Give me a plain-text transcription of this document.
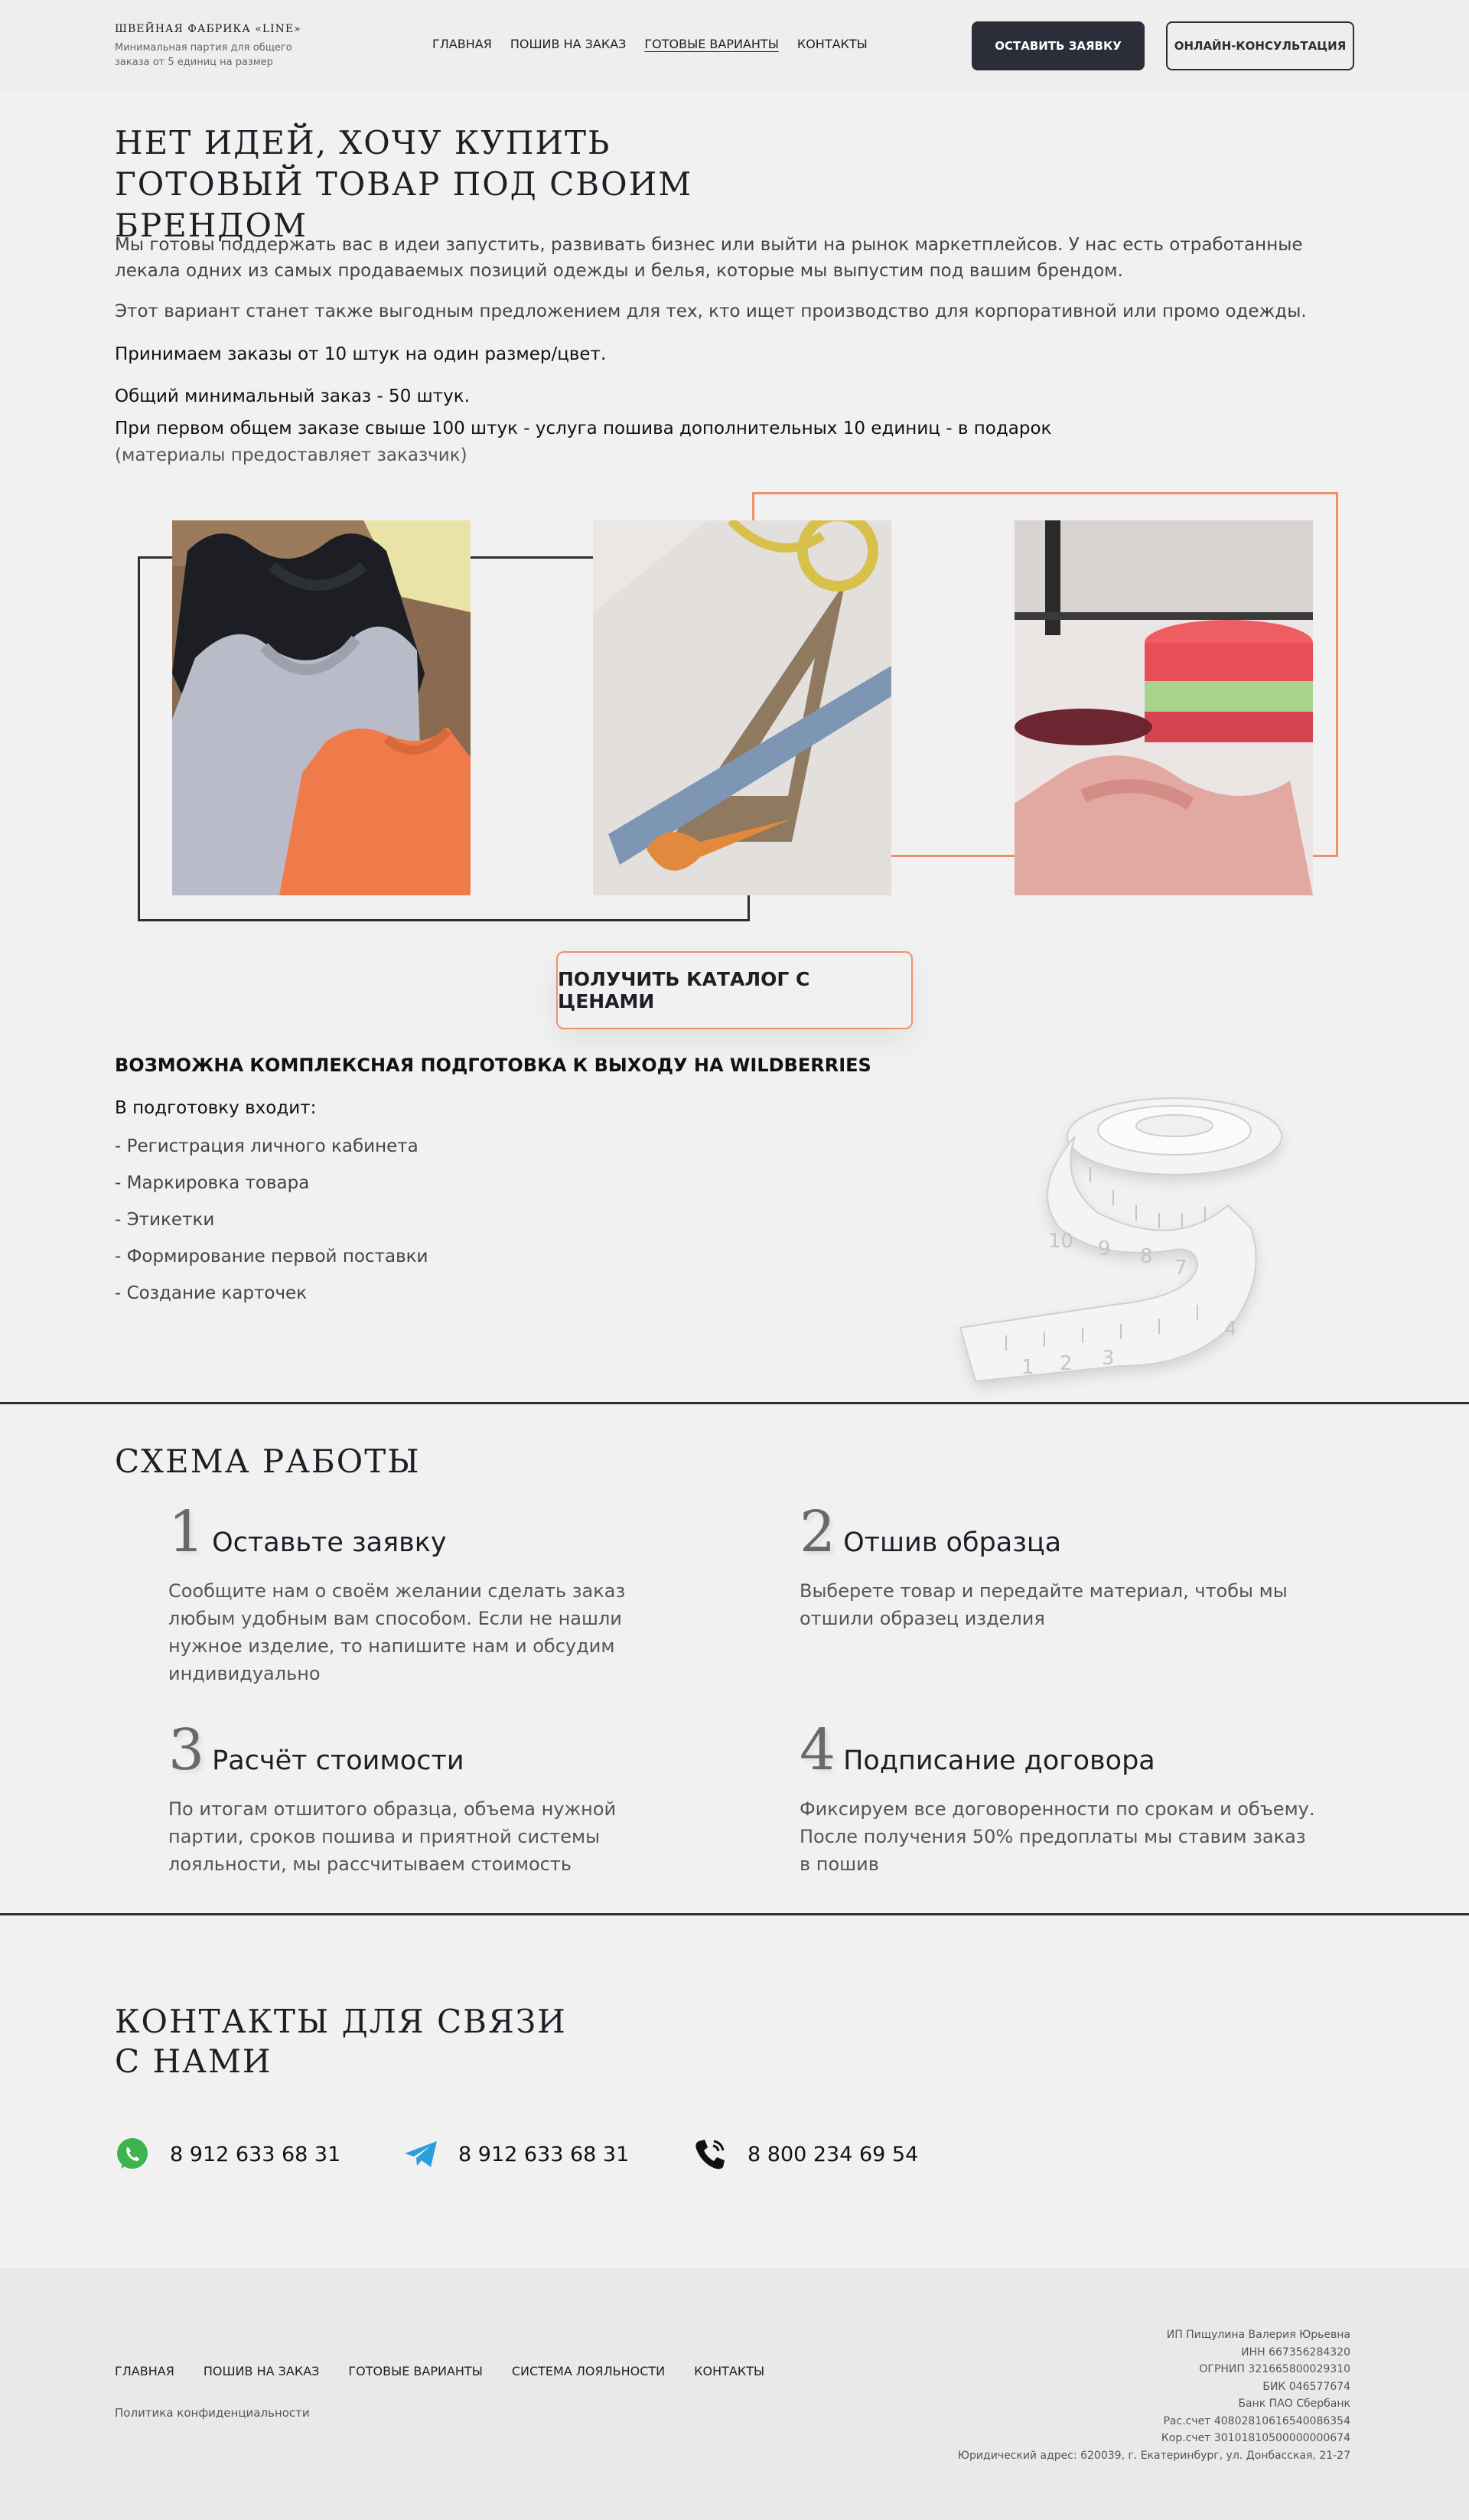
ШВЕЙНАЯ ФАБРИКА «LINE»
Минимальная партия для общего заказа от 5 единиц на размер
ГЛАВНАЯ ПОШИВ НА ЗАКАЗ ГОТОВЫЕ ВАРИАНТЫ КОНТАКТЫ	ОСТАВИТЬ ЗАЯВКУ	ОНЛАЙН-КОНСУЛЬТАЦИЯ
НЕТ ИДЕЙ, ХОЧУ КУПИТЬ ГОТОВЫЙ ТОВАР ПОД СВОИМ БРЕНДОМ

Мы готовы поддержать вас в идеи запустить, развивать бизнес или выйти на рынок маркетплейсов. У нас есть отработанные лекала одних из самых продаваемых позиций одежды и белья, которые мы выпустим под вашим брендом.

Этот вариант станет также выгодным предложением для тех, кто ищет производство для корпоративной или промо одежды.

Принимаем заказы от 10 штук на один размер/цвет.

Общий минимальный заказ - 50 штук.

При первом общем заказе свыше 100 штук - услуга пошива дополнительных 10 единиц - в подарок

(материалы предоставляет заказчик)

ПОЛУЧИТЬ КАТАЛОГ С ЦЕНАМИ
ВОЗМОЖНА КОМПЛЕКСНАЯ ПОДГОТОВКА К ВЫХОДУ НА WILDBERRIES
В подготовку входит:
- Регистрация личного кабинета
- Маркировка товара
- Этикетки
- Формирование первой поставки
- Создание карточек
1 2 3
4
7
8
9
10
СХЕМА РАБОТЫ
1 Оставьте заявку
Сообщите нам о своём желании сделать заказ любым удобным вам способом. Если не нашли нужное изделие, то напишите нам и обсудим индивидуально
2 Отшив образца
Выберете товар и передайте материал, чтобы мы отшили образец изделия
3 Расчёт стоимости
По итогам отшитого образца, объема нужной партии, сроков пошива и приятной системы лояльности, мы рассчитываем стоимость
4 Подписание договора
Фиксируем все договоренности по срокам и объему. После получения 50% предоплаты мы ставим заказ в пошив
КОНТАКТЫ ДЛЯ СВЯЗИ
С НАМИ
8 912 633 68 31	8 912 633 68 31	8 800 234 69 54
ГЛАВНАЯ ПОШИВ НА ЗАКАЗ ГОТОВЫЕ ВАРИАНТЫ СИСТЕМА ЛОЯЛЬНОСТИ КОНТАКТЫ
Политика конфиденциальности
ИП Пищулина Валерия Юрьевна
ИНН 667356284320
ОГРНИП 321665800029310
БИК 046577674
Банк ПАО Сбербанк
Рас.счет 40802810616540086354
Кор.счет 30101810500000000674
Юридический адрес: 620039, г. Екатеринбург, ул. Донбасская, 21-27
